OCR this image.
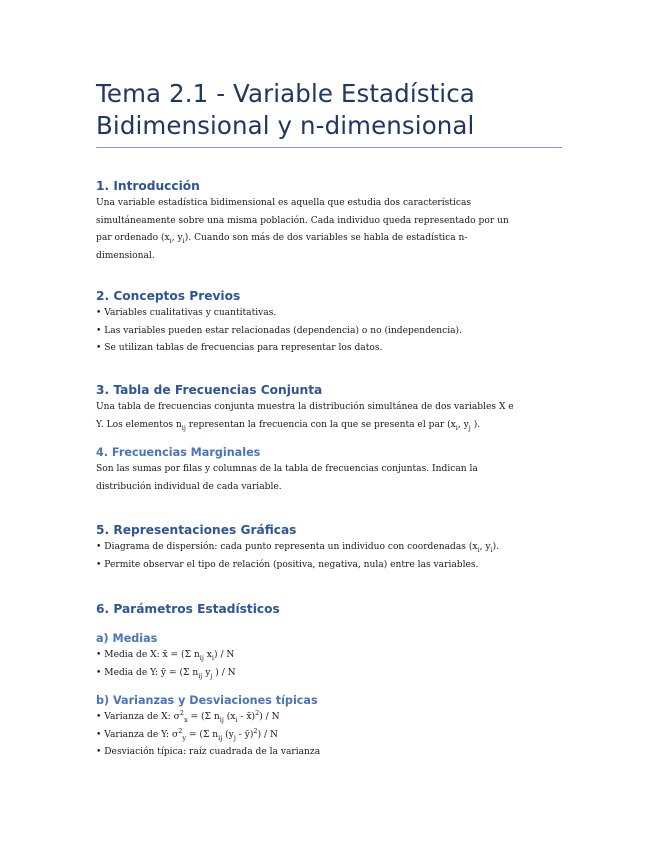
Tema 2.1 - Variable Estadística
Bidimensional y n-dimensional
1. Introducción

Una variable estadística bidimensional es aquella que estudia dos características

simultáneamente sobre una misma población. Cada individuo queda representado por un

par ordenado ($x_i$, $y_i$). Cuando son más de dos variables se habla de estadística n-

dimensional.

2. Conceptos Previos
• Variables cualitativas y cuantitativas.
• Las variables pueden estar relacionadas (dependencia) o no (independencia).
• Se utilizan tablas de frecuencias para representar los datos.
3. Tabla de Frecuencias Conjunta

Una tabla de frecuencias conjunta muestra la distribución simultánea de dos variables X e

Y. Los elementos $n_{ij}$ representan la frecuencia con la que se presenta el par ($x_i$, $y_j$ ).

4. Frecuencias Marginales

Son las sumas por filas y columnas de la tabla de frecuencias conjuntas. Indican la

distribución individual de cada variable.

5. Representaciones Gráficas
• Diagrama de dispersión: cada punto representa un individuo con coordenadas ($x_i$, $y_i$).
• Permite observar el tipo de relación (positiva, negativa, nula) entre las variables.
6. Parámetros Estadísticos
a) Medias
• Media de X: x̄ = (Σ $n_{ij}$ $x_i$) / N
• Media de Y: ȳ = (Σ $n_{ij}$ $y_j$ ) / N
b) Varianzas y Desviaciones típicas
• Varianza de X: $\sigma^2_x = (\Sigma$ $n_{ij}$ ($x_i$ - x̄)$^2$) / N
• Varianza de Y: $\sigma^2_y = (\Sigma$ $n_{ij}$ ($y_j$ - ȳ)$^2$) / N
• Desviación típica: raíz cuadrada de la varianza
